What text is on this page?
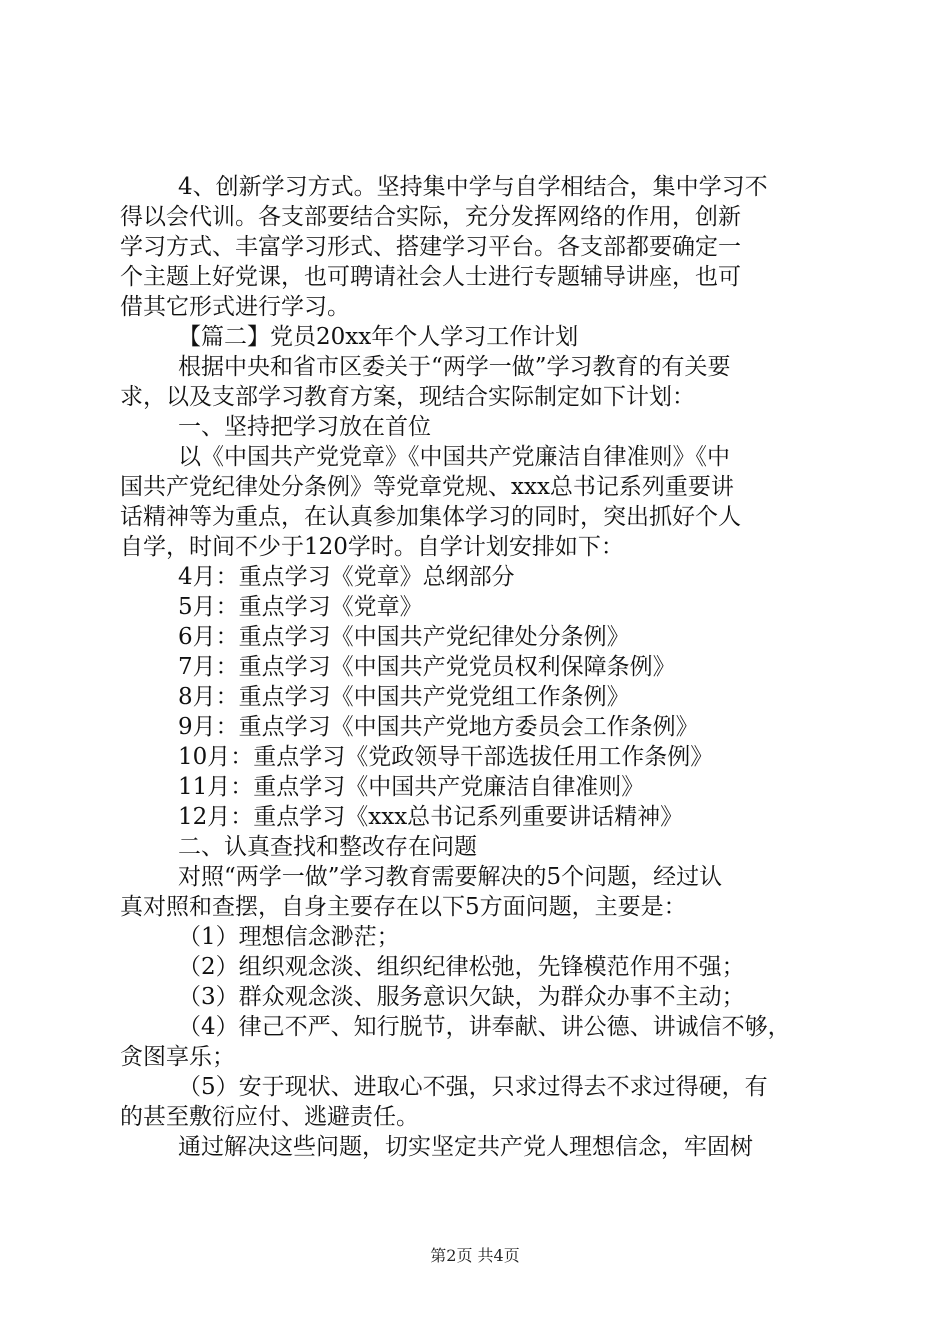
4、创新学习方式。坚持集中学与自学相结合，集中学习不
得以会代训。各支部要结合实际，充分发挥网络的作用，创新
学习方式、丰富学习形式、搭建学习平台。各支部都要确定一
个主题上好党课，也可聘请社会人士进行专题辅导讲座，也可
借其它形式进行学习。
【篇二】党员20xx年个人学习工作计划
根据中央和省市区委关于“两学一做”学习教育的有关要
求，以及支部学习教育方案，现结合实际制定如下计划：
一、坚持把学习放在首位
以《中国共产党党章》《中国共产党廉洁自律准则》《中
国共产党纪律处分条例》等党章党规、xxx总书记系列重要讲
话精神等为重点，在认真参加集体学习的同时，突出抓好个人
自学，时间不少于120学时。自学计划安排如下：
4月：重点学习《党章》总纲部分
5月：重点学习《党章》
6月：重点学习《中国共产党纪律处分条例》
7月：重点学习《中国共产党党员权利保障条例》
8月：重点学习《中国共产党党组工作条例》
9月：重点学习《中国共产党地方委员会工作条例》
10月：重点学习《党政领导干部选拔任用工作条例》
11月：重点学习《中国共产党廉洁自律准则》
12月：重点学习《xxx总书记系列重要讲话精神》
二、认真查找和整改存在问题
对照“两学一做”学习教育需要解决的5个问题，经过认
真对照和查摆，自身主要存在以下5方面问题，主要是：
（1）理想信念渺茫；
（2）组织观念淡、组织纪律松弛，先锋模范作用不强；
（3）群众观念淡、服务意识欠缺，为群众办事不主动；
（4）律己不严、知行脱节，讲奉献、讲公德、讲诚信不够，
贪图享乐；
（5）安于现状、进取心不强，只求过得去不求过得硬，有
的甚至敷衍应付、逃避责任。
通过解决这些问题，切实坚定共产党人理想信念，牢固树
第2页 共4页
